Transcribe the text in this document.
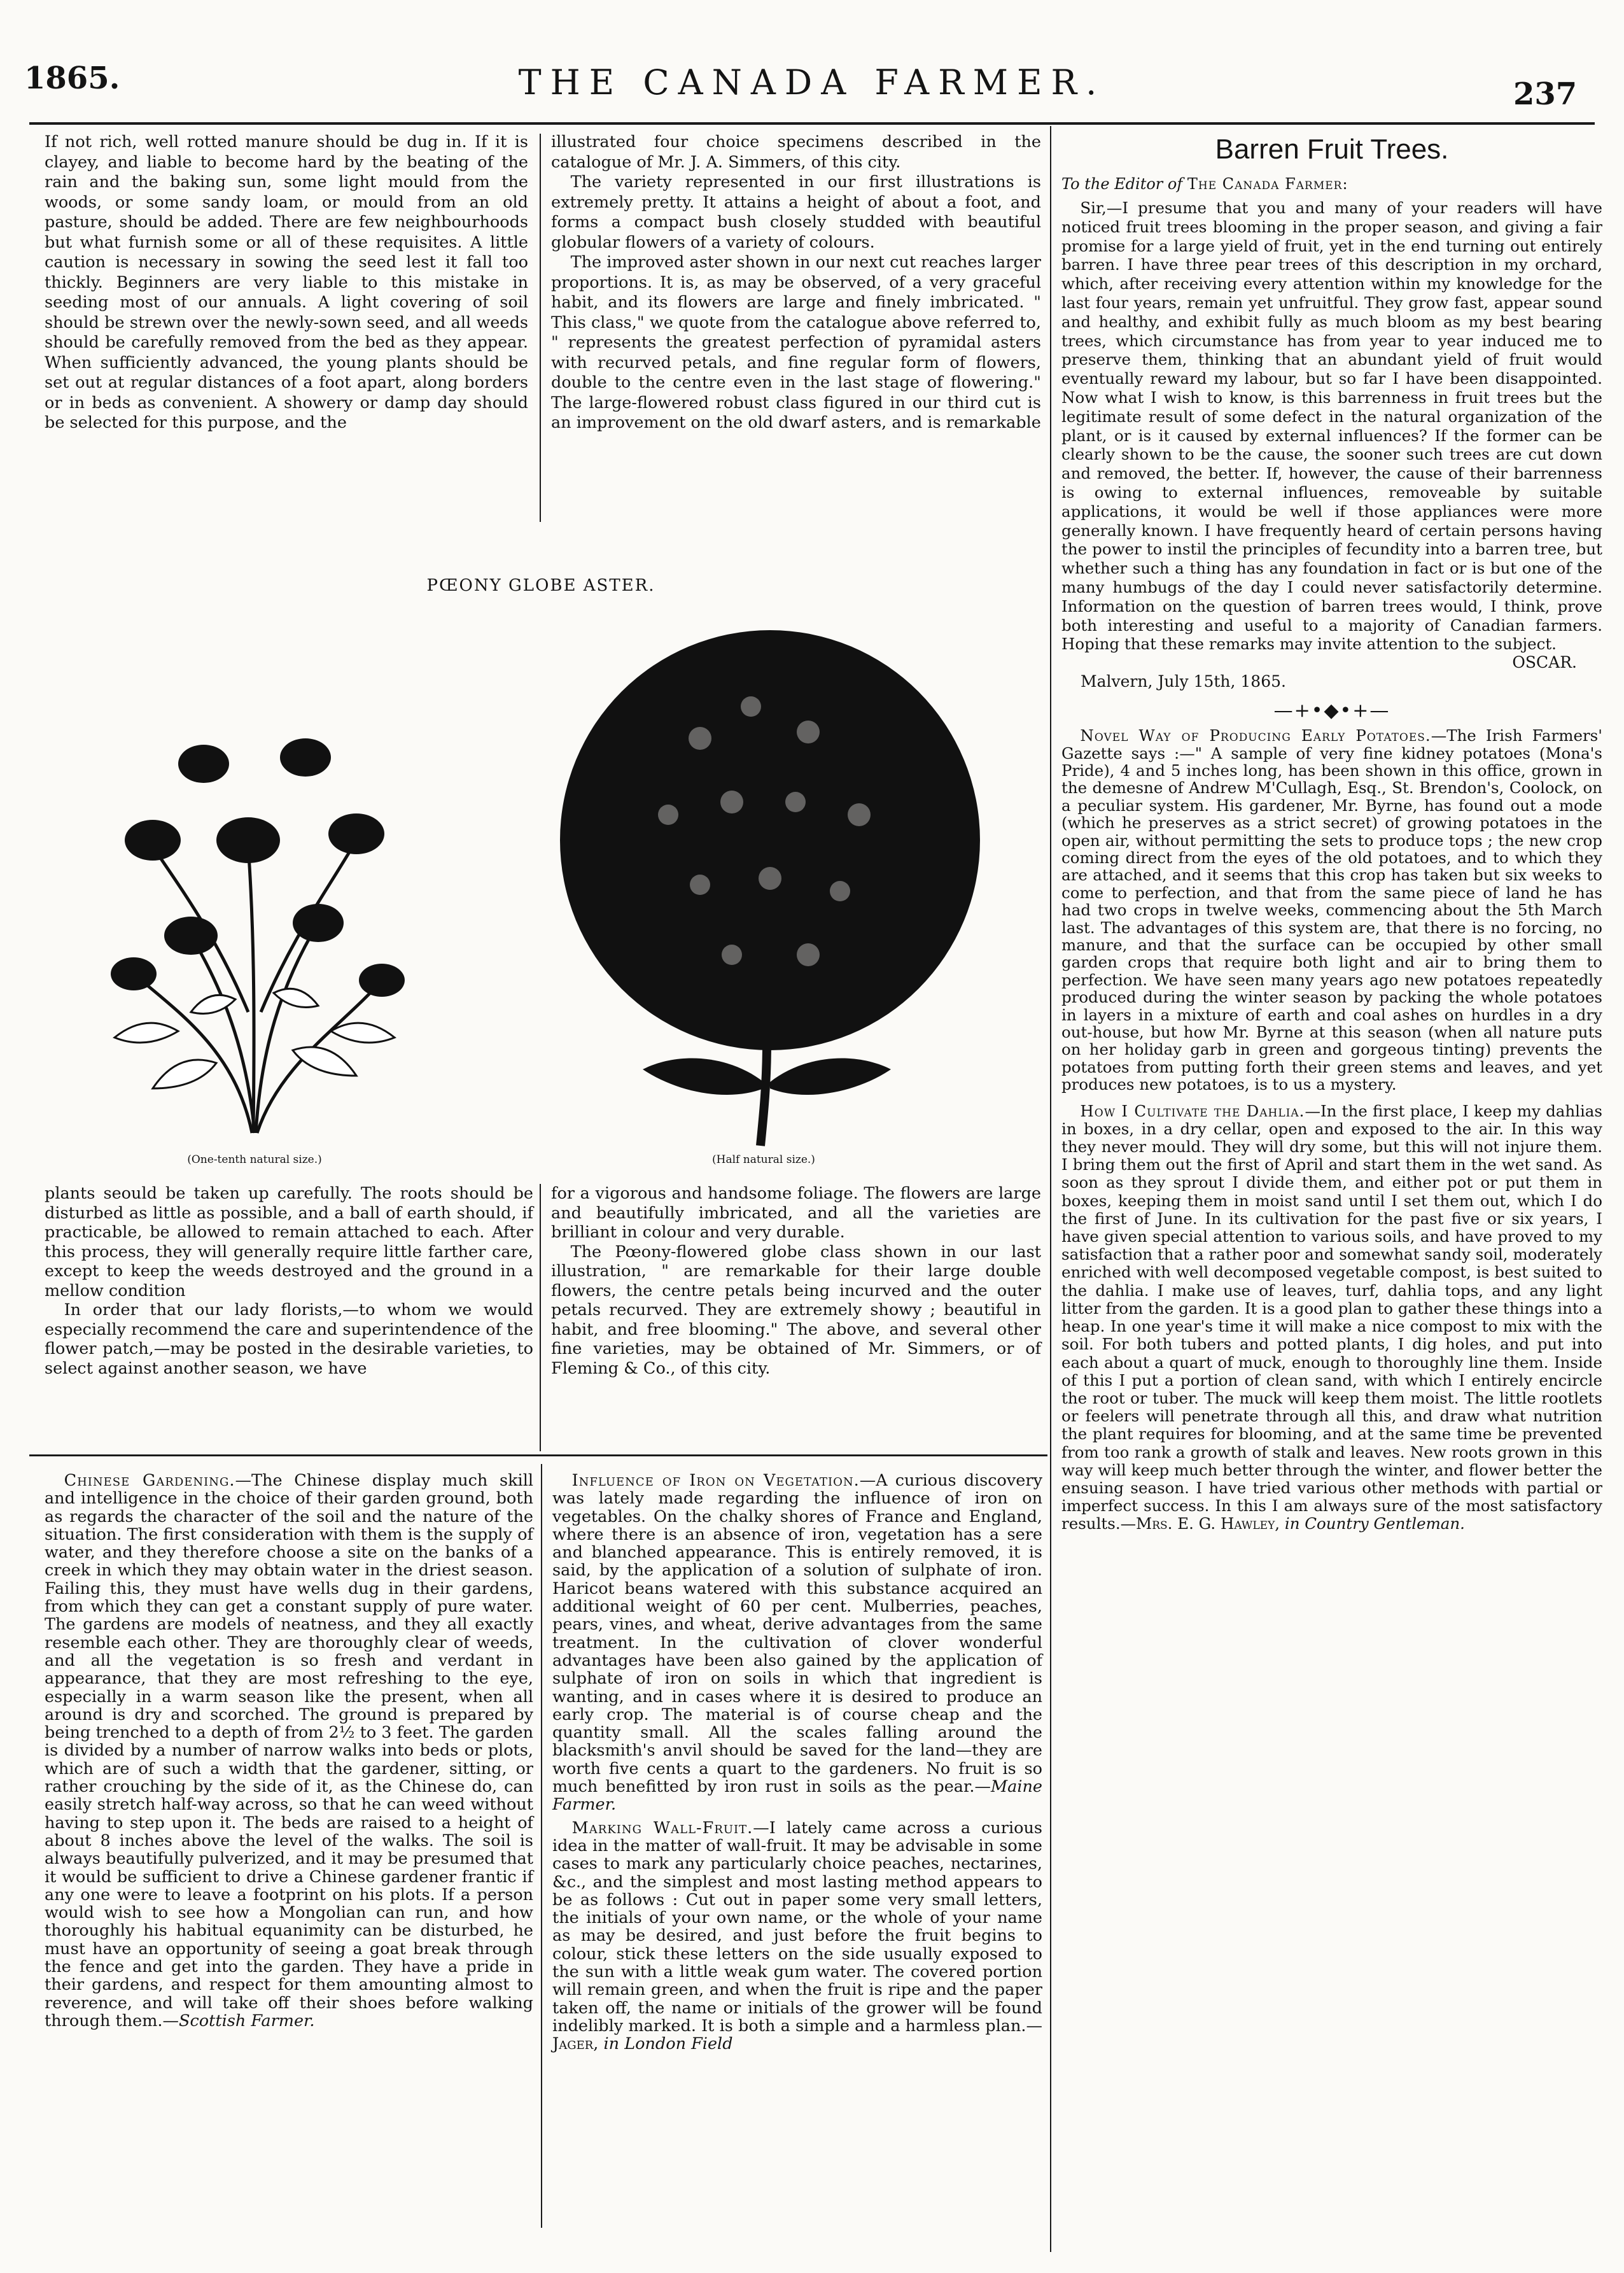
1865.	THE CANADA FARMER.	237

If not rich, well rotted manure should be dug in. If it is clayey, and liable to become hard by the beating of the rain and the baking sun, some light mould from the woods, or some sandy loam, or mould from an old pasture, should be added. There are few neighbourhoods but what furnish some or all of these requisites. A little caution is necessary in sowing the seed lest it fall too thickly. Beginners are very liable to this mistake in seeding most of our annuals. A light covering of soil should be strewn over the newly-sown seed, and all weeds should be carefully removed from the bed as they appear. When sufficiently advanced, the young plants should be set out at regular distances of a foot apart, along borders or in beds as convenient. A showery or damp day should be selected for this purpose, and the

illustrated four choice specimens described in the catalogue of Mr. J. A. Simmers, of this city.

The variety represented in our first illustrations is extremely pretty. It attains a height of about a foot, and forms a compact bush closely studded with beautiful globular flowers of a variety of colours.

The improved aster shown in our next cut reaches larger proportions. It is, as may be observed, of a very graceful habit, and its flowers are large and finely imbricated. " This class," we quote from the catalogue above referred to, " represents the greatest perfection of pyramidal asters with recurved petals, and fine regular form of flowers, double to the centre even in the last stage of flowering." The large-flowered robust class figured in our third cut is an improvement on the old dwarf asters, and is remarkable

PŒONY GLOBE ASTER.
(One-tenth natural size.)	(Half natural size.)

plants seould be taken up carefully. The roots should be disturbed as little as possible, and a ball of earth should, if practicable, be allowed to remain attached to each. After this process, they will generally require little farther care, except to keep the weeds destroyed and the ground in a mellow condition

In order that our lady florists,—to whom we would especially recommend the care and superintendence of the flower patch,—may be posted in the desirable varieties, to select against another season, we have

for a vigorous and handsome foliage. The flowers are large and beautifully imbricated, and all the varieties are brilliant in colour and very durable.

The Pœony-flowered globe class shown in our last illustration, " are remarkable for their large double flowers, the centre petals being incurved and the outer petals recurved. They are extremely showy ; beautiful in habit, and free blooming." The above, and several other fine varieties, may be obtained of Mr. Simmers, or of Fleming & Co., of this city.

Barren Fruit Trees.
To the Editor of The Canada Farmer:

Sir,—I presume that you and many of your readers will have noticed fruit trees blooming in the proper season, and giving a fair promise for a large yield of fruit, yet in the end turning out entirely barren. I have three pear trees of this description in my orchard, which, after receiving every attention within my knowledge for the last four years, remain yet unfruitful. They grow fast, appear sound and healthy, and exhibit fully as much bloom as my best bearing trees, which circumstance has from year to year induced me to preserve them, thinking that an abundant yield of fruit would eventually reward my labour, but so far I have been disappointed. Now what I wish to know, is this barrenness in fruit trees but the legitimate result of some defect in the natural organization of the plant, or is it caused by external influences? If the former can be clearly shown to be the cause, the sooner such trees are cut down and removed, the better. If, however, the cause of their barrenness is owing to external influences, removeable by suitable applications, it would be well if those appliances were more generally known. I have frequently heard of certain persons having the power to instil the principles of fecundity into a barren tree, but whether such a thing has any foundation in fact or is but one of the many humbugs of the day I could never satisfactorily determine. Information on the question of barren trees would, I think, prove both interesting and useful to a majority of Canadian farmers. Hoping that these remarks may invite attention to the subject.

OSCAR.
Malvern, July 15th, 1865.
—+•◆•+—

Novel Way of Producing Early Potatoes.—The Irish Farmers' Gazette says :—" A sample of very fine kidney potatoes (Mona's Pride), 4 and 5 inches long, has been shown in this office, grown in the demesne of Andrew M'Cullagh, Esq., St. Brendon's, Coolock, on a peculiar system. His gardener, Mr. Byrne, has found out a mode (which he preserves as a strict secret) of growing potatoes in the open air, without permitting the sets to produce tops ; the new crop coming direct from the eyes of the old potatoes, and to which they are attached, and it seems that this crop has taken but six weeks to come to perfection, and that from the same piece of land he has had two crops in twelve weeks, commencing about the 5th March last. The advantages of this system are, that there is no forcing, no manure, and that the surface can be occupied by other small garden crops that require both light and air to bring them to perfection. We have seen many years ago new potatoes repeatedly produced during the winter season by packing the whole potatoes in layers in a mixture of earth and coal ashes on hurdles in a dry out-house, but how Mr. Byrne at this season (when all nature puts on her holiday garb in green and gorgeous tinting) prevents the potatoes from putting forth their green stems and leaves, and yet produces new potatoes, is to us a mystery.

How I Cultivate the Dahlia.—In the first place, I keep my dahlias in boxes, in a dry cellar, open and exposed to the air. In this way they never mould. They will dry some, but this will not injure them. I bring them out the first of April and start them in the wet sand. As soon as they sprout I divide them, and either pot or put them in boxes, keeping them in moist sand until I set them out, which I do the first of June. In its cultivation for the past five or six years, I have given special attention to various soils, and have proved to my satisfaction that a rather poor and somewhat sandy soil, moderately enriched with well decomposed vegetable compost, is best suited to the dahlia. I make use of leaves, turf, dahlia tops, and any light litter from the garden. It is a good plan to gather these things into a heap. In one year's time it will make a nice compost to mix with the soil. For both tubers and potted plants, I dig holes, and put into each about a quart of muck, enough to thoroughly line them. Inside of this I put a portion of clean sand, with which I entirely encircle the root or tuber. The muck will keep them moist. The little rootlets or feelers will penetrate through all this, and draw what nutrition the plant requires for blooming, and at the same time be prevented from too rank a growth of stalk and leaves. New roots grown in this way will keep much better through the winter, and flower better the ensuing season. I have tried various other methods with partial or imperfect success. In this I am always sure of the most satisfactory results.—Mrs. E. G. Hawley, in Country Gentleman.

Chinese Gardening.—The Chinese display much skill and intelligence in the choice of their garden ground, both as regards the character of the soil and the nature of the situation. The first consideration with them is the supply of water, and they therefore choose a site on the banks of a creek in which they may obtain water in the driest season. Failing this, they must have wells dug in their gardens, from which they can get a constant supply of pure water. The gardens are models of neatness, and they all exactly resemble each other. They are thoroughly clear of weeds, and all the vegetation is so fresh and verdant in appearance, that they are most refreshing to the eye, especially in a warm season like the present, when all around is dry and scorched. The ground is prepared by being trenched to a depth of from 2½ to 3 feet. The garden is divided by a number of narrow walks into beds or plots, which are of such a width that the gardener, sitting, or rather crouching by the side of it, as the Chinese do, can easily stretch half-way across, so that he can weed without having to step upon it. The beds are raised to a height of about 8 inches above the level of the walks. The soil is always beautifully pulverized, and it may be presumed that it would be sufficient to drive a Chinese gardener frantic if any one were to leave a footprint on his plots. If a person would wish to see how a Mongolian can run, and how thoroughly his habitual equanimity can be disturbed, he must have an opportunity of seeing a goat break through the fence and get into the garden. They have a pride in their gardens, and respect for them amounting almost to reverence, and will take off their shoes before walking through them.—Scottish Farmer.

Influence of Iron on Vegetation.—A curious discovery was lately made regarding the influence of iron on vegetables. On the chalky shores of France and England, where there is an absence of iron, vegetation has a sere and blanched appearance. This is entirely removed, it is said, by the application of a solution of sulphate of iron. Haricot beans watered with this substance acquired an additional weight of 60 per cent. Mulberries, peaches, pears, vines, and wheat, derive advantages from the same treatment. In the cultivation of clover wonderful advantages have been also gained by the application of sulphate of iron on soils in which that ingredient is wanting, and in cases where it is desired to produce an early crop. The material is of course cheap and the quantity small. All the scales falling around the blacksmith's anvil should be saved for the land—they are worth five cents a quart to the gardeners. No fruit is so much benefitted by iron rust in soils as the pear.—Maine Farmer.

Marking Wall-Fruit.—I lately came across a curious idea in the matter of wall-fruit. It may be advisable in some cases to mark any particularly choice peaches, nectarines, &c., and the simplest and most lasting method appears to be as follows : Cut out in paper some very small letters, the initials of your own name, or the whole of your name as may be desired, and just before the fruit begins to colour, stick these letters on the side usually exposed to the sun with a little weak gum water. The covered portion will remain green, and when the fruit is ripe and the paper taken off, the name or initials of the grower will be found indelibly marked. It is both a simple and a harmless plan.—Jager, in London Field
